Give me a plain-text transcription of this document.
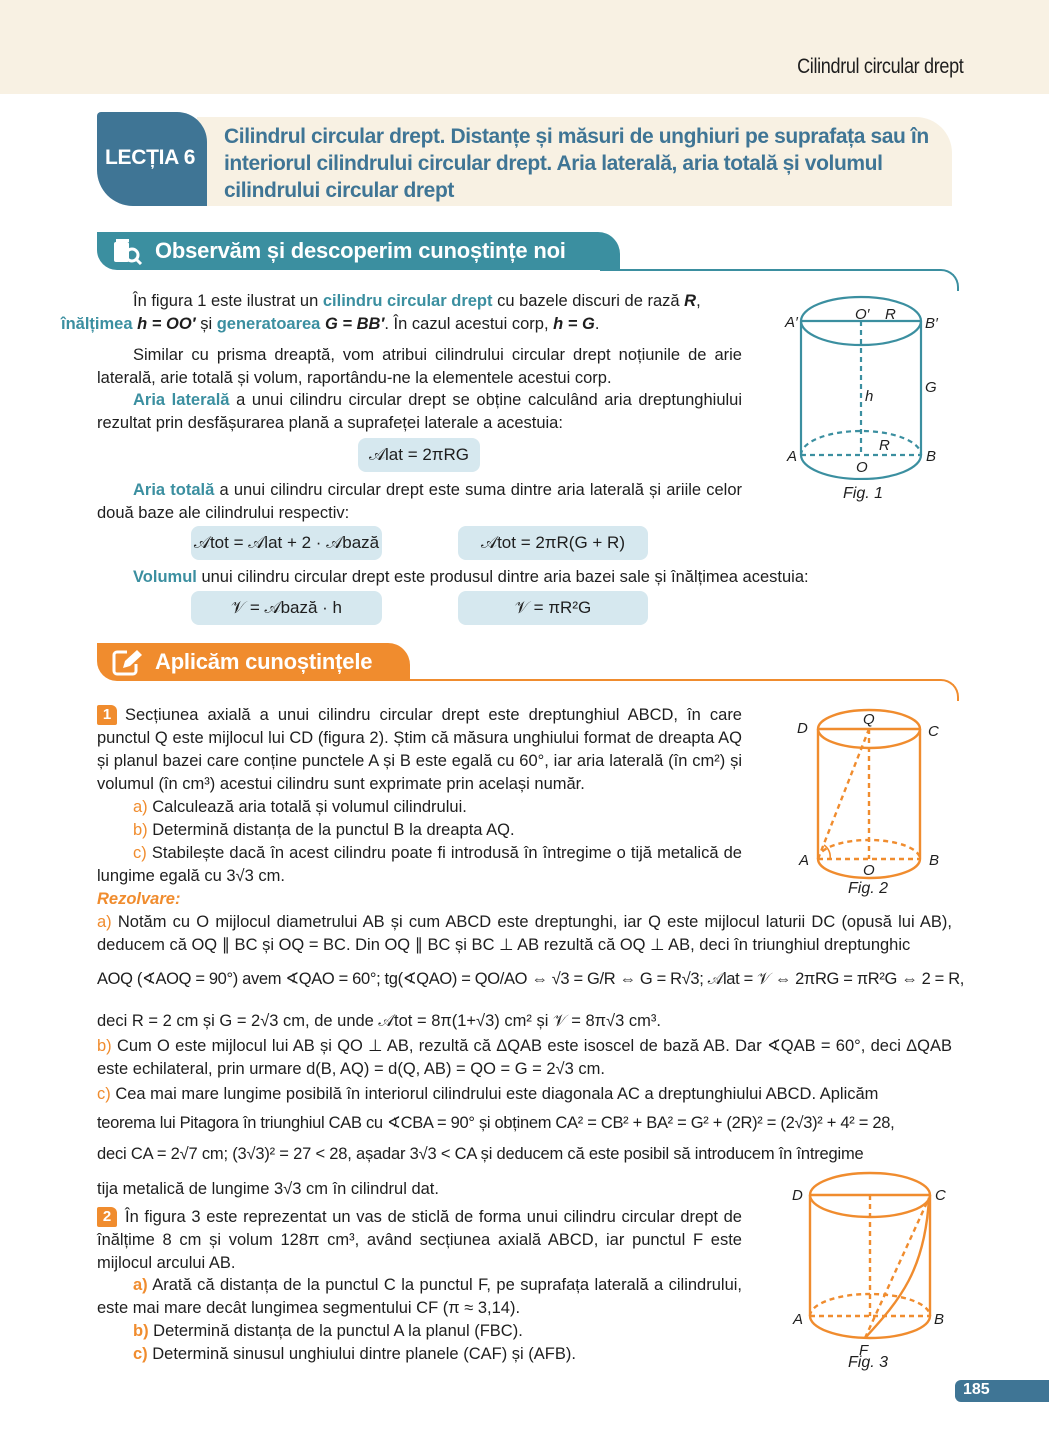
Cilindrul circular drept
LECȚIA 6
Cilindrul circular drept. Distanțe și măsuri de unghiuri pe suprafața sau în interiorul cilindrului circular drept. Aria laterală, aria totală și volumul cilindrului circular drept
Observăm și descoperim cunoștințe noi
În figura 1 este ilustrat un cilindru circular drept cu bazele discuri de rază R,
înălțimea h = OO′ și generatoarea G = BB′. În cazul acestui corp, h = G.
Similar cu prisma dreaptă, vom atribui cilindrului circular drept noțiunile de arie laterală, arie totală și volum, raportându-ne la elementele acestui corp.
Aria laterală a unui cilindru circular drept se obține calculând aria dreptunghiului rezultat prin desfășurarea plană a suprafeței laterale a acestuia:
𝒜lat = 2πRG
Aria totală a unui cilindru circular drept este suma dintre aria laterală și ariile celor două baze ale cilindrului respectiv:
𝒜tot = 𝒜lat + 2 · 𝒜bază	𝒜tot = 2πR(G + R)
Volumul unui cilindru circular drept este produsul dintre aria bazei sale și înălțimea acestuia:
𝒱 = 𝒜bază · h	𝒱 = πR²G
A′	O′ R
B′
h
G
A
R
O
B
Fig. 1
Aplicăm cunoștințele
1 Secțiunea axială a unui cilindru circular drept este dreptunghiul ABCD, în care punctul Q este mijlocul lui CD (figura 2). Știm că măsura unghiului format de dreapta AQ și planul bazei care conține punctele A și B este egală cu 60°, iar aria laterală (în cm²) și volumul (în cm³) acestui cilindru sunt exprimate prin același număr.
a) Calculează aria totală și volumul cilindrului.
b) Determină distanța de la punctul B la dreapta AQ.
c) Stabilește dacă în acest cilindru poate fi introdusă în întregime o tijă metalică de lungime egală cu 3√3 cm.
Rezolvare:
a) Notăm cu O mijlocul diametrului AB și cum ABCD este dreptunghi, iar Q este mijlocul laturii DC (opusă lui AB), deducem că OQ ∥ BC și OQ = BC. Din OQ ∥ BC și BC ⊥ AB rezultă că OQ ⊥ AB, deci în triunghiul dreptunghic
AOQ (∢AOQ = 90°) avem ∢QAO = 60°; tg(∢QAO) = QO/AO ⇔ √3 = G/R ⇔ G = R√3; 𝒜lat = 𝒱 ⇔ 2πRG = πR²G ⇔ 2 = R,
deci R = 2 cm și G = 2√3 cm, de unde 𝒜tot = 8π(1+√3) cm² și 𝒱 = 8π√3 cm³.
b) Cum O este mijlocul lui AB și QO ⊥ AB, rezultă că ΔQAB este isoscel de bază AB. Dar ∢QAB = 60°, deci ΔQAB este echilateral, prin urmare d(B, AQ) = d(Q, AB) = QO = G = 2√3 cm.
c) Cea mai mare lungime posibilă în interiorul cilindrului este diagonala AC a dreptunghiului ABCD. Aplicăm
teorema lui Pitagora în triunghiul CAB cu ∢CBA = 90° și obținem CA² = CB² + BA² = G² + (2R)² = (2√3)² + 4² = 28,
deci CA = 2√7 cm; (3√3)² = 27 < 28, așadar 3√3 < CA și deducem că este posibil să introducem în întregime
tija metalică de lungime 3√3 cm în cilindrul dat.
D
Q
C
A
O
B
Fig. 2
2 În figura 3 este reprezentat un vas de sticlă de forma unui cilindru circular drept de înălțime 8 cm și volum 128π cm³, având secțiunea axială ABCD, iar punctul F este mijlocul arcului AB.
a) Arată că distanța de la punctul C la punctul F, pe suprafața laterală a cilindrului, este mai mare decât lungimea segmentului CF (π ≈ 3,14).
b) Determină distanța de la punctul A la planul (FBC).
c) Determină sinusul unghiului dintre planele (CAF) și (AFB).
D	C
A	B
F
Fig. 3
185
